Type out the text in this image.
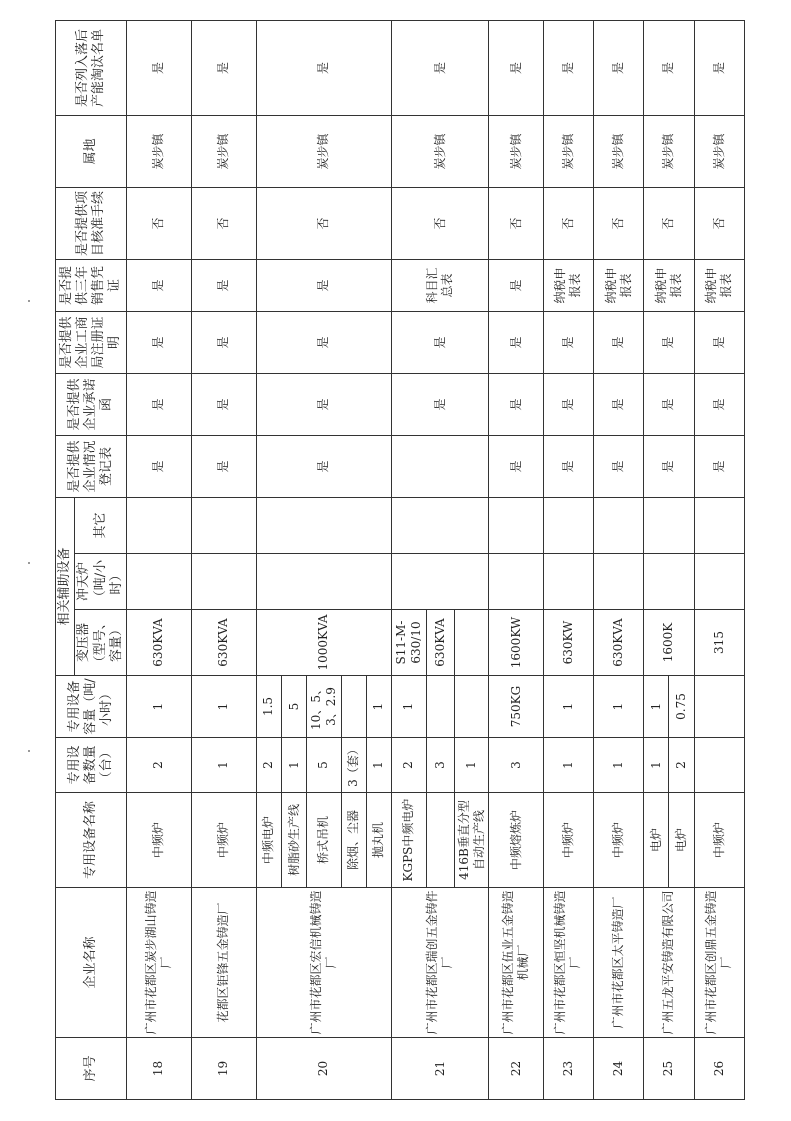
序号	企业名称	专用设备名称	专用设备数量（台）	专用设备容量（吨/小时）	相关辅助设备			是否提供企业情况登记表	是否提供企业承诺函	是否提供企业工商局注册证明	是否提供三年销售凭证	是否提供项目核准手续	属地	是否列入落后产能淘汰名单
					变压器（型号、容量）	冲天炉（吨/小时）	其它							
18	广州市花都区炭步湖山铸造厂	中频炉	2	1	630KVA			是	是	是	是	否	炭步镇	是
19	花都区钜锋五金铸造厂	中频炉	1	1	630KVA			是	是	是	是	否	炭步镇	是
20	广州市花都区宏信机械铸造厂	中频电炉	2	1.5	1000KVA			是	是	是	是	否	炭步镇	是
		树脂砂生产线	1	5										
		桥式吊机	5	10、5、3、2.9										
		除烟、尘器	3（套）											
		抛丸机	1	1										
21	广州市花都区瑞创五金铸件厂	KGPS中频电炉	2	1	S11-M-630/10				是	是	科目汇总表	否	炭步镇	是
			3		630KVA									
		416B垂直分型自动生产线	1											
22	广州市花都区伍业五金铸造机械厂	中频熔炼炉	3	750KG	1600KW			是	是	是	是	否	炭步镇	是
23	广州市花都区恒坚机械铸造厂	中频炉	1	1	630KW			是	是	是	纳税申报表	否	炭步镇	是
24	广州市花都区太平铸造厂	中频炉	1	1	630KVA			是	是	是	纳税申报表	否	炭步镇	是
25	广州五龙平安铸造有限公司	电炉	1	1	1600K			是	是	是	纳税申报表	否	炭步镇	是
		电炉	2	0.75										
26	广州市花都区创鼎五金铸造厂	中频炉			315			是	是	是	纳税申报表	否	炭步镇	是
